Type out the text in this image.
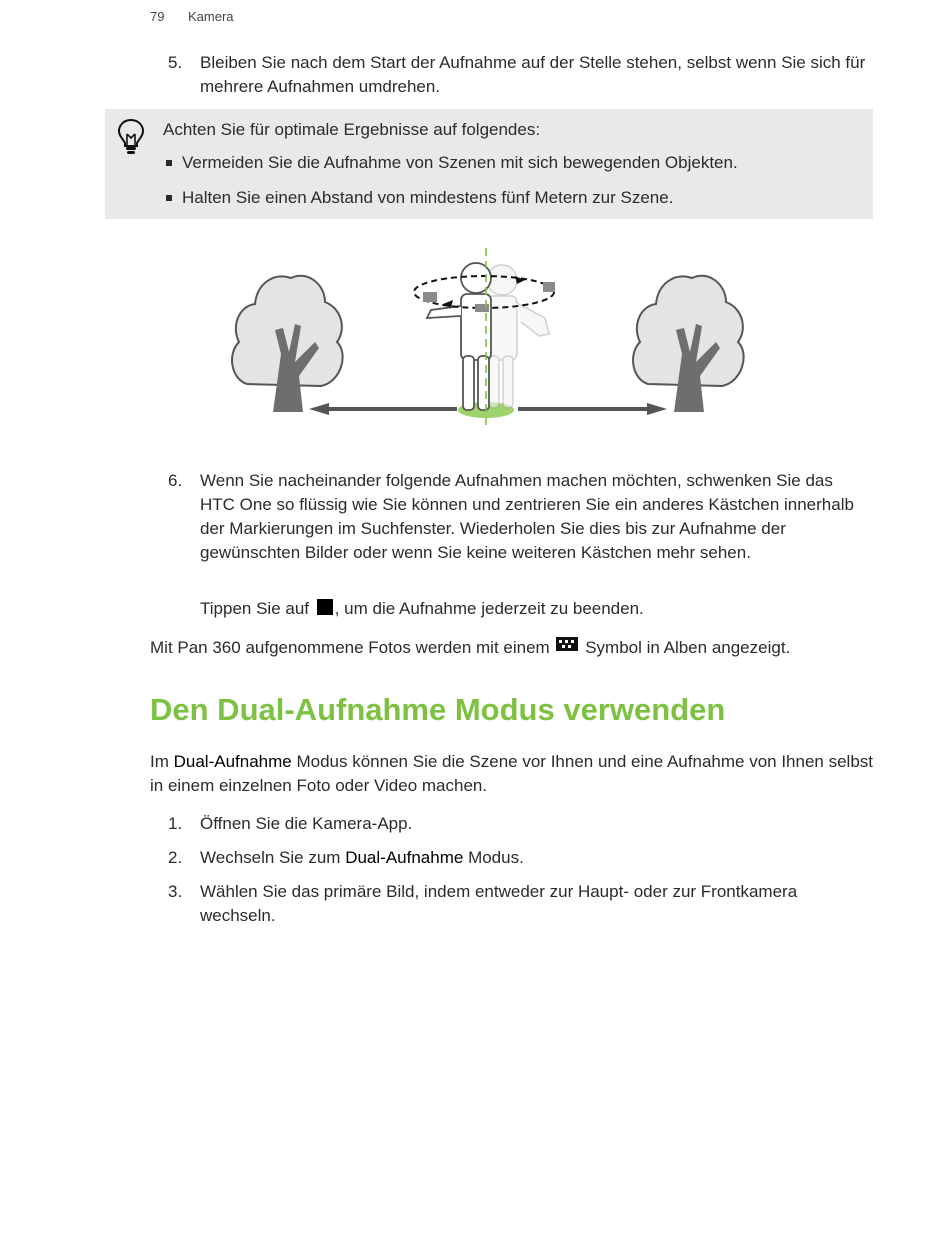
79 Kamera
5. Bleiben Sie nach dem Start der Aufnahme auf der Stelle stehen, selbst wenn Sie sich für mehrere Aufnahmen umdrehen.
Achten Sie für optimale Ergebnisse auf folgendes:
Vermeiden Sie die Aufnahme von Szenen mit sich bewegenden Objekten.
Halten Sie einen Abstand von mindestens fünf Metern zur Szene.
6. Wenn Sie nacheinander folgende Aufnahmen machen möchten, schwenken Sie das HTC One so flüssig wie Sie können und zentrieren Sie ein anderes Kästchen innerhalb der Markierungen im Suchfenster. Wiederholen Sie dies bis zur Aufnahme der gewünschten Bilder oder wenn Sie keine weiteren Kästchen mehr sehen.
Tippen Sie auf , um die Aufnahme jederzeit zu beenden.
Mit Pan 360 aufgenommene Fotos werden mit einem Symbol in Alben angezeigt.
Den Dual-Aufnahme Modus verwenden
Im Dual-Aufnahme Modus können Sie die Szene vor Ihnen und eine Aufnahme von Ihnen selbst in einem einzelnen Foto oder Video machen.
1. Öffnen Sie die Kamera-App.
2. Wechseln Sie zum Dual-Aufnahme Modus.
3. Wählen Sie das primäre Bild, indem entweder zur Haupt- oder zur Frontkamera wechseln.
